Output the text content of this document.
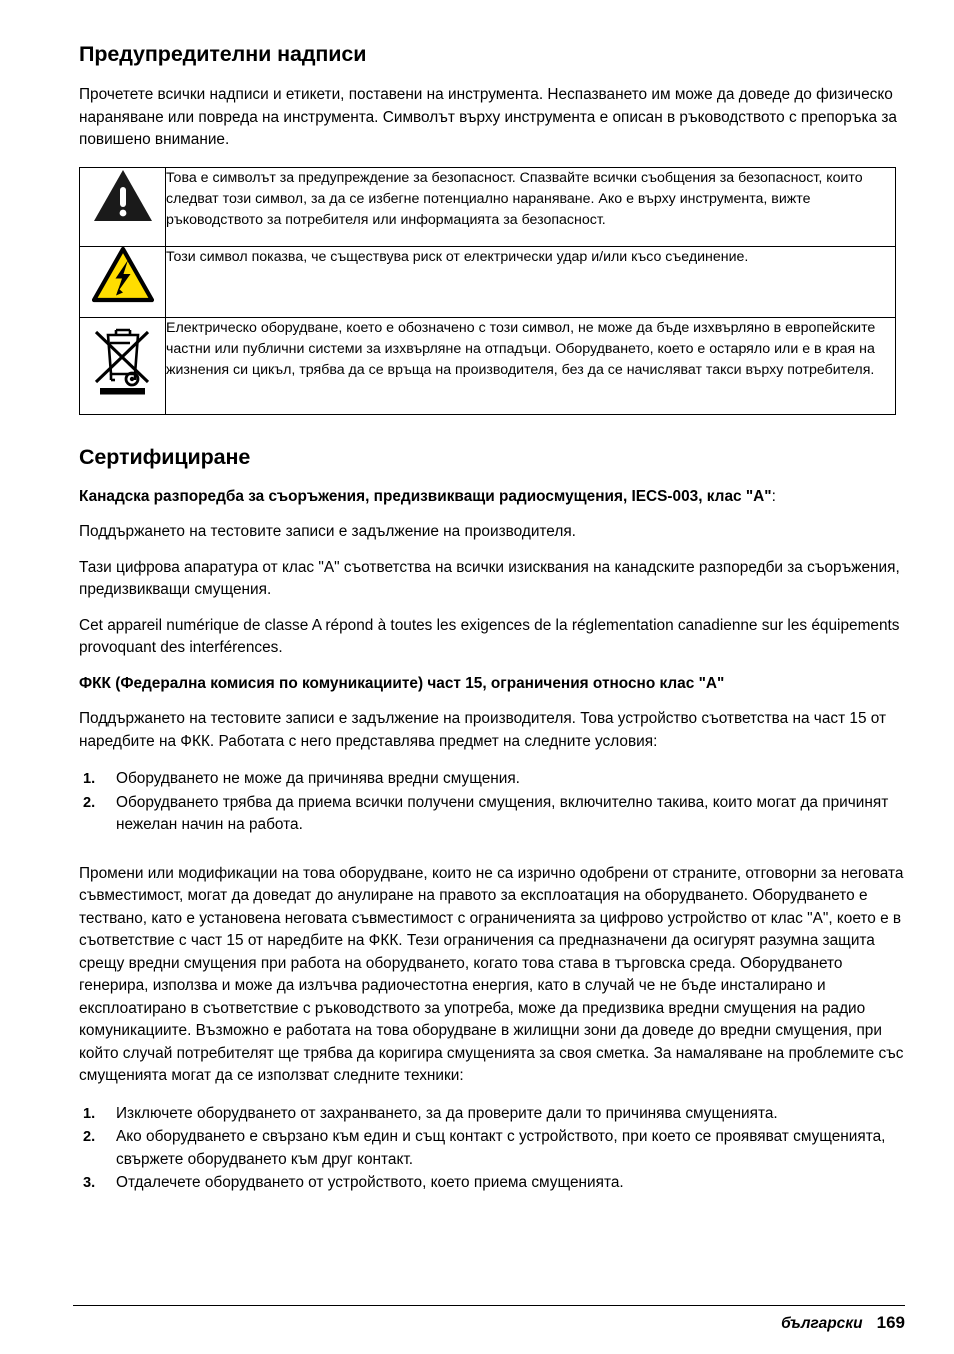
Предупредителни надписи

Прочетете всички надписи и етикети, поставени на инструмента. Неспазването им може да доведе до физическо нараняване или повреда на инструмента. Символът върху инструмента е описан в ръководството с препоръка за повишено внимание.

	Това е символът за предупреждение за безопасност. Спазвайте всички съобщения за безопасност, които следват този символ, за да се избегне потенциално нараняване. Ако е върху инструмента, вижте ръководството за потребителя или информацията за безопасност.

	Този символ показва, че съществува риск от електрически удар и/или късо съединение.

	Електрическо оборудване, което е обозначено с този символ, не може да бъде изхвърляно в европейските частни или публични системи за изхвърляне на отпадъци. Оборудването, което е остаряло или е в края на жизнения си цикъл, трябва да се връща на производителя, без да се начисляват такси върху потребителя.
Сертифициране

Канадска разпоредба за съоръжения, предизвикващи радиосмущения, IECS-003, клас "А":

Поддържането на тестовите записи е задължение на производителя.

Тази цифрова апаратура от клас "А" съответства на всички изисквания на канадските разпоредби за съоръжения, предизвикващи смущения.

Cet appareil numérique de classe A répond à toutes les exigences de la réglementation canadienne sur les équipements provoquant des interférences.

ФКК (Федерална комисия по комуникациите) част 15, ограничения относно клас "А"

Поддържането на тестовите записи е задължение на производителя. Това устройство съответства на част 15 от наредбите на ФКК. Работата с него представлява предмет на следните условия:

Оборудването не може да причинява вредни смущения.
Оборудването трябва да приема всички получени смущения, включително такива, които могат да причинят нежелан начин на работа.

Промени или модификации на това оборудване, които не са изрично одобрени от страните, отговорни за неговата съвместимост, могат да доведат до анулиране на правото за експлоатация на оборудването. Оборудването е тествано, като е установена неговата съвместимост с ограниченията за цифрово устройство от клас "А", което е в съответствие с част 15 от наредбите на ФКК. Тези ограничения са предназначени да осигурят разумна защита срещу вредни смущения при работа на оборудването, когато това става в търговска среда. Оборудването генерира, използва и може да излъчва радиочестотна енергия, като в случай че не бъде инсталирано и експлоатирано в съответствие с ръководството за употреба, може да предизвика вредни смущения на радио комуникациите. Възможно е работата на това оборудване в жилищни зони да доведе до вредни смущения, при който случай потребителят ще трябва да коригира смущенията за своя сметка. За намаляване на проблемите със смущенията могат да се използват следните техники:

Изключете оборудването от захранването, за да проверите дали то причинява смущенията.
Ако оборудването е свързано към един и същ контакт с устройството, при което се проявяват смущенията, свържете оборудването към друг контакт.
Отдалечете оборудването от устройството, което приема смущенията.
български 169
